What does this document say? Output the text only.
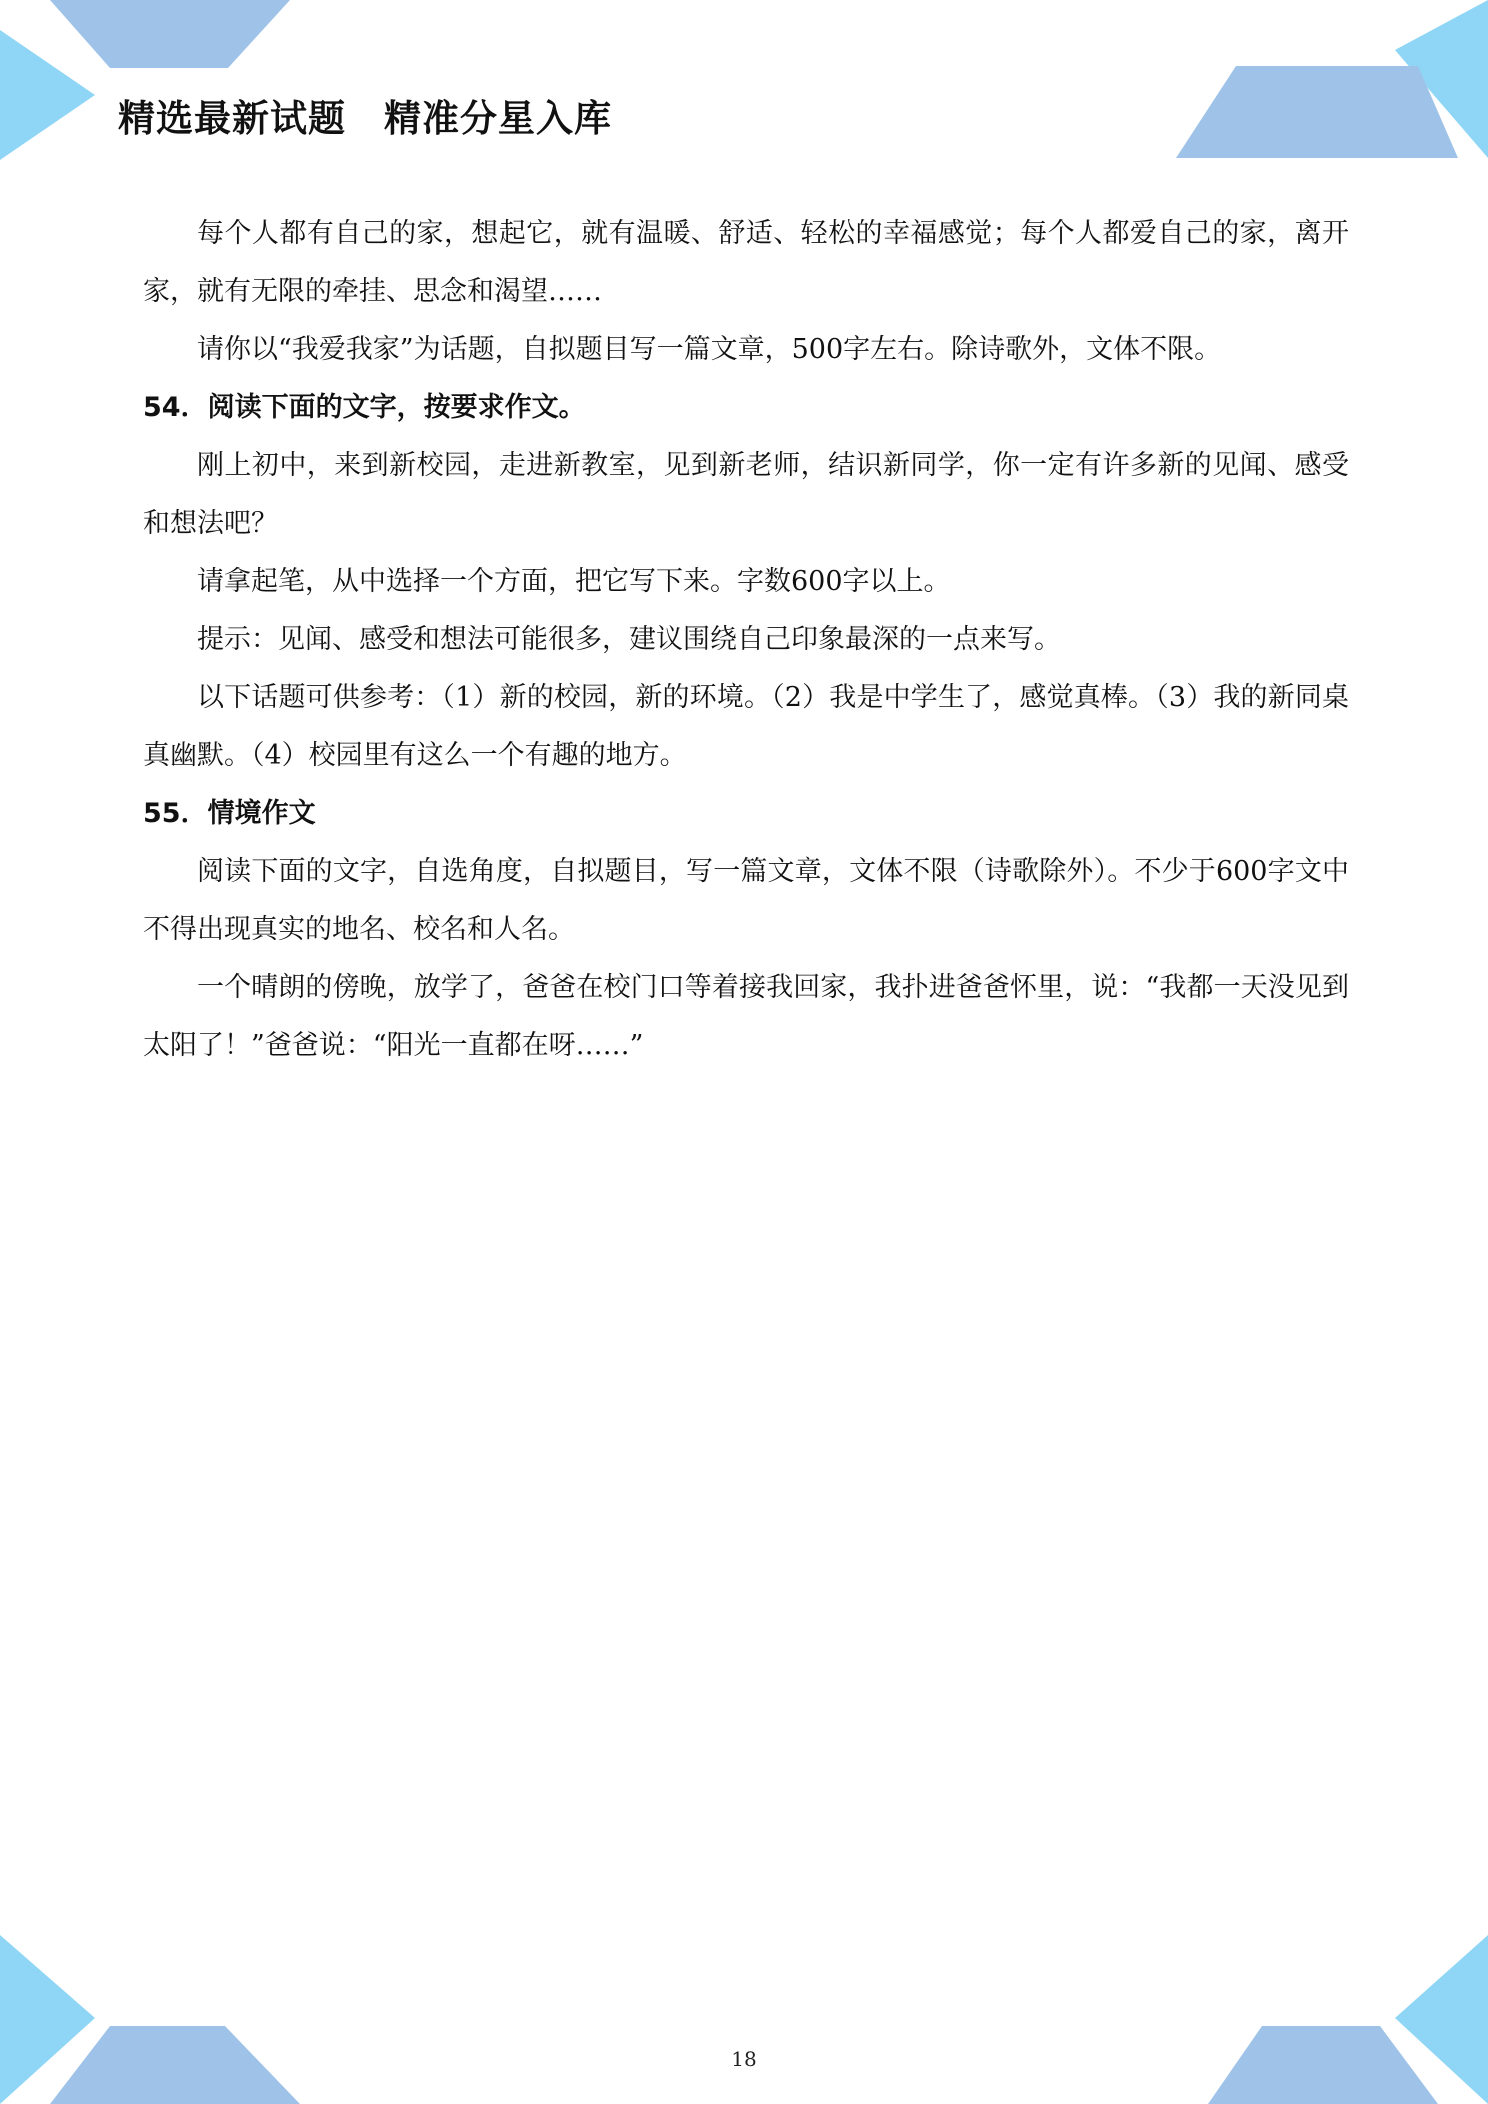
精选最新试题　精准分星入库

每个人都有自己的家，想起它，就有温暖、舒适、轻松的幸福感觉；每个人都爱自己的家，离开家，就有无限的牵挂、思念和渴望……

请你以“我爱我家”为话题，自拟题目写一篇文章，500字左右。除诗歌外，文体不限。

54．阅读下面的文字，按要求作文。

刚上初中，来到新校园，走进新教室，见到新老师，结识新同学，你一定有许多新的见闻、感受和想法吧？

请拿起笔，从中选择一个方面，把它写下来。字数600字以上。

提示：见闻、感受和想法可能很多，建议围绕自己印象最深的一点来写。

以下话题可供参考：（1）新的校园，新的环境。（2）我是中学生了，感觉真棒。（3）我的新同桌真幽默。（4）校园里有这么一个有趣的地方。

55．情境作文

阅读下面的文字，自选角度，自拟题目，写一篇文章，文体不限（诗歌除外）。不少于600字文中不得出现真实的地名、校名和人名。

一个晴朗的傍晚，放学了，爸爸在校门口等着接我回家，我扑进爸爸怀里，说：“我都一天没见到太阳了！”爸爸说：“阳光一直都在呀……”

18
